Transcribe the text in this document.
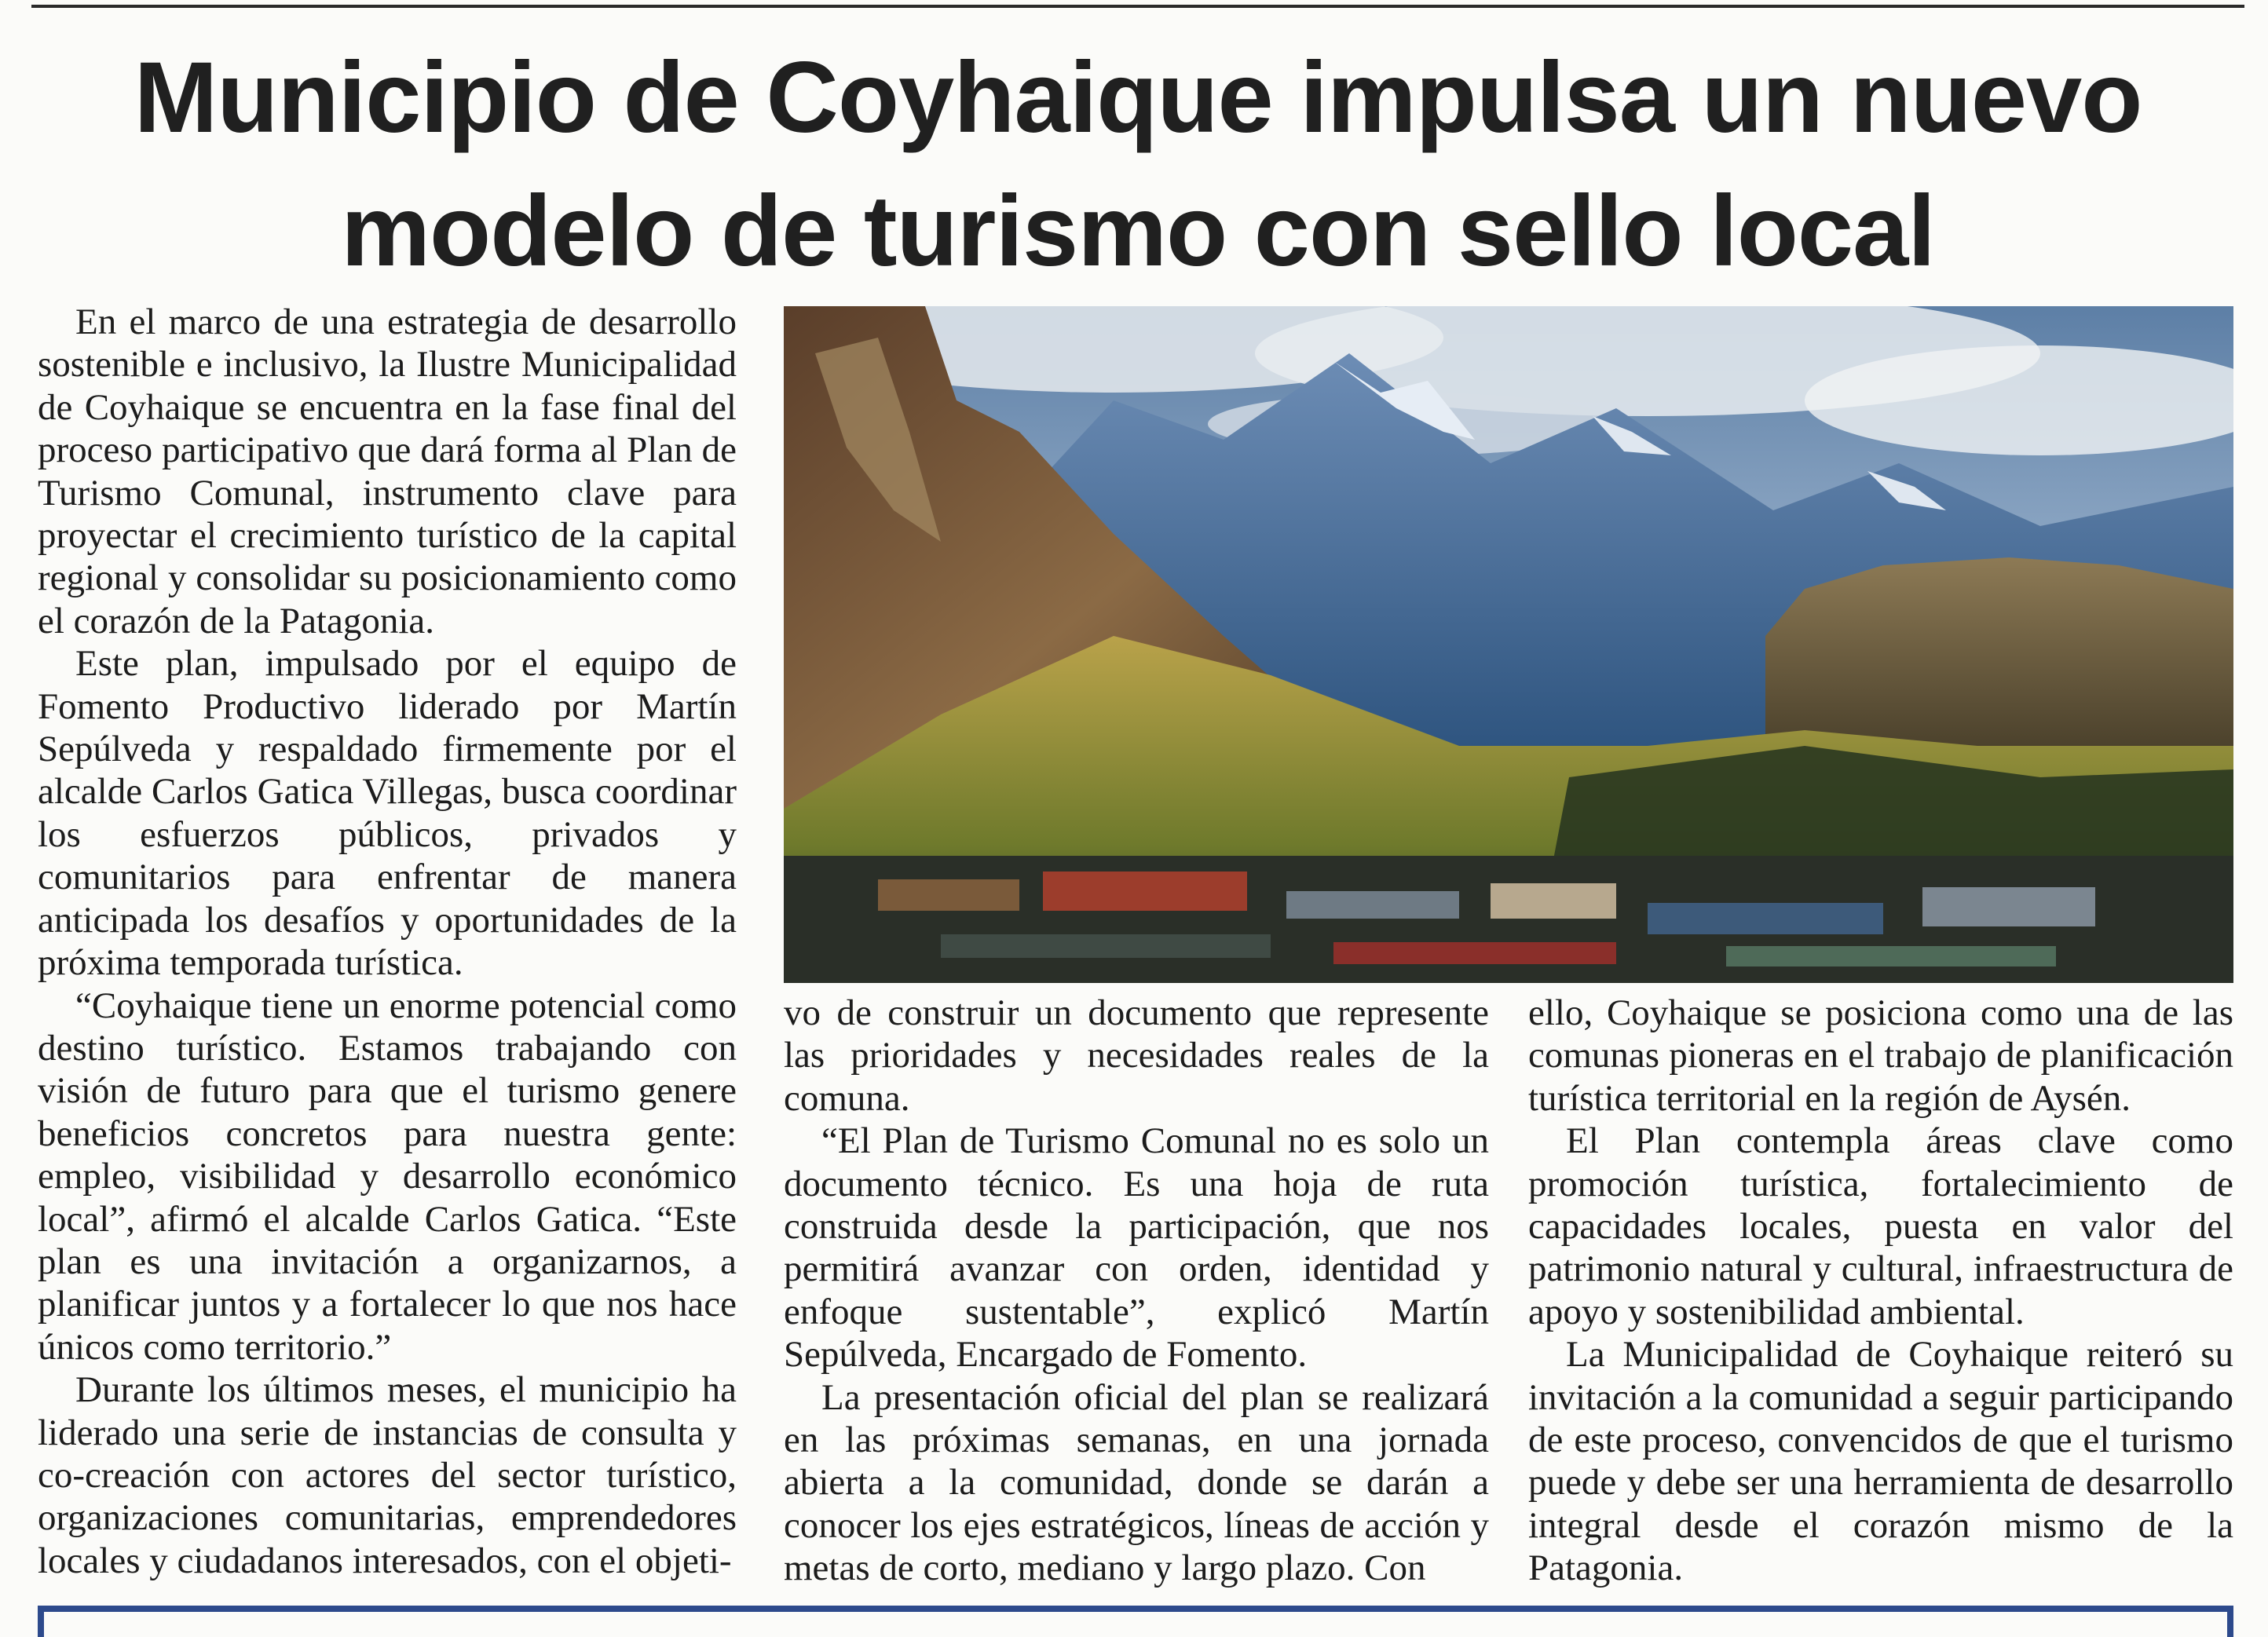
Municipio de Coyhaique impulsa un nuevo modelo de turismo con sello local

En el marco de una estrategia de desarrollo sostenible e inclusivo, la Ilustre Municipalidad de Coyhaique se encuentra en la fase final del proceso participativo que dará forma al Plan de Turismo Comunal, instrumento clave para proyectar el crecimiento turístico de la capital regional y consolidar su posicionamiento como el corazón de la Patagonia.

Este plan, impulsado por el equipo de Fomento Productivo liderado por Martín Sepúlveda y respaldado firmemente por el alcalde Carlos Gatica Villegas, busca coordinar los esfuerzos públicos, privados y comunitarios para enfrentar de manera anticipada los desafíos y oportunidades de la próxima temporada turística.

“Coyhaique tiene un enorme potencial como destino turístico. Estamos trabajando con visión de futuro para que el turismo genere beneficios concretos para nuestra gente: empleo, visibilidad y desarrollo económico local”, afirmó el alcalde Carlos Gatica. “Este plan es una invitación a organizarnos, a planificar juntos y a fortalecer lo que nos hace únicos como territorio.”

Durante los últimos meses, el municipio ha liderado una serie de instancias de consulta y co-creación con actores del sector turístico, organizaciones comunitarias, emprendedores locales y ciudadanos interesados, con el objeti-

vo de construir un documento que represente las prioridades y necesidades reales de la comuna.

“El Plan de Turismo Comunal no es solo un documento técnico. Es una hoja de ruta construida desde la participación, que nos permitirá avanzar con orden, identidad y enfoque sustentable”, explicó Martín Sepúlveda, Encargado de Fomento.

La presentación oficial del plan se realizará en las próximas semanas, en una jornada abierta a la comunidad, donde se darán a conocer los ejes estratégicos, líneas de acción y metas de corto, mediano y largo plazo. Con

ello, Coyhaique se posiciona como una de las comunas pioneras en el trabajo de planificación turística territorial en la región de Aysén.

El Plan contempla áreas clave como promoción turística, fortalecimiento de capacidades locales, puesta en valor del patrimonio natural y cultural, infraestructura de apoyo y sostenibilidad ambiental.

La Municipalidad de Coyhaique reiteró su invitación a la comunidad a seguir participando de este proceso, convencidos de que el turismo puede y debe ser una herramienta de desarrollo integral desde el corazón mismo de la Patagonia.
